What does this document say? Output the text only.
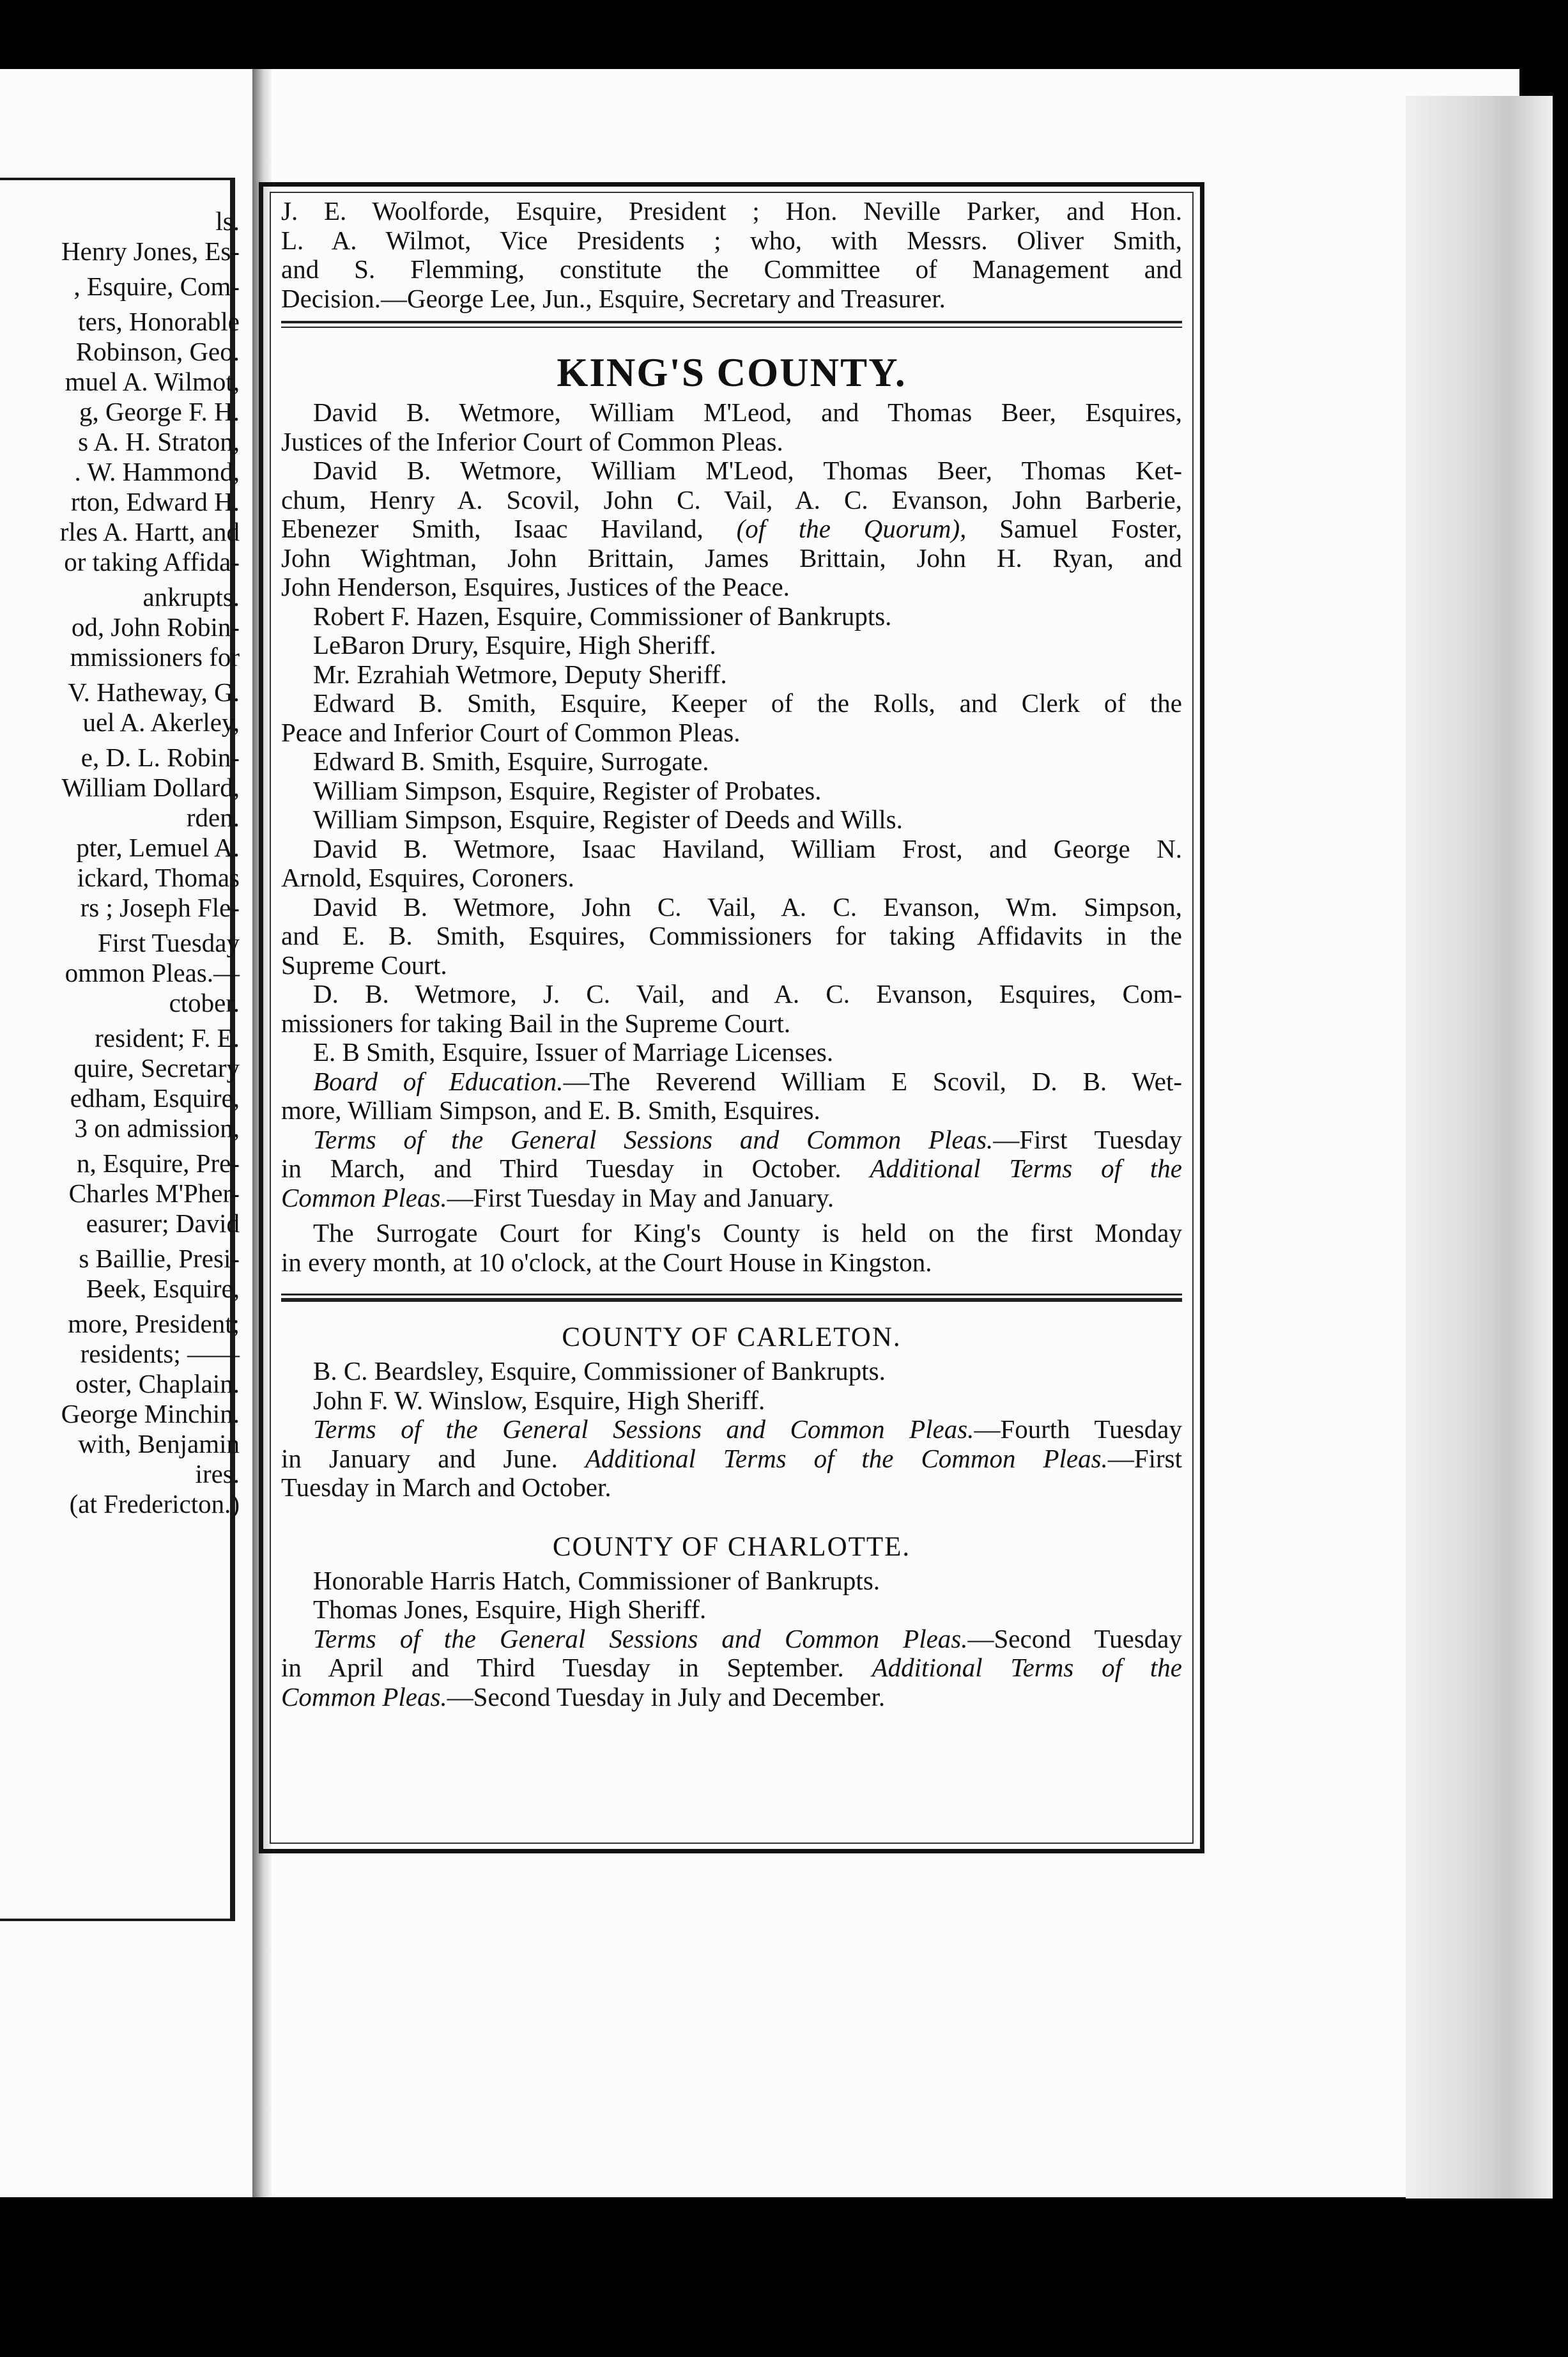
ls.
Henry Jones, Es-
, Esquire, Com-
ters, Honorable
Robinson, Geo.
muel A. Wilmot,
g, George F. H.
s A. H. Straton,
. W. Hammond,
rton, Edward H.
rles A. Hartt, and
or taking Affida-
ankrupts.
od, John Robin-
mmissioners for
V. Hatheway, G.
uel A. Akerley,
e, D. L. Robin-
William Dollard,
rden.
pter, Lemuel A.
ickard, Thomas
rs ; Joseph Fle-
First Tuesday
ommon Pleas.—
ctober.
resident; F. E.
quire, Secretary
edham, Esquire,
3 on admission,
n, Esquire, Pre-
Charles M'Pher-
easurer; David
s Baillie, Presi-
Beek, Esquire,
more, President;
residents; ——
oster, Chaplain.
George Minchin.
with, Benjamin
ires.
(at Fredericton.)
J. E. Woolforde, Esquire, President ; Hon. Neville Parker, and Hon.
L. A. Wilmot, Vice Presidents ; who, with Messrs. Oliver Smith,
and S. Flemming, constitute the Committee of Management and
Decision.—George Lee, Jun., Esquire, Secretary and Treasurer.
KING'S COUNTY.
David B. Wetmore, William M'Leod, and Thomas Beer, Esquires,
Justices of the Inferior Court of Common Pleas.
David B. Wetmore, William M'Leod, Thomas Beer, Thomas Ket-
chum, Henry A. Scovil, John C. Vail, A. C. Evanson, John Barberie,
Ebenezer Smith, Isaac Haviland, (of the Quorum), Samuel Foster,
John Wightman, John Brittain, James Brittain, John H. Ryan, and
John Henderson, Esquires, Justices of the Peace.
Robert F. Hazen, Esquire, Commissioner of Bankrupts.
LeBaron Drury, Esquire, High Sheriff.
Mr. Ezrahiah Wetmore, Deputy Sheriff.
Edward B. Smith, Esquire, Keeper of the Rolls, and Clerk of the
Peace and Inferior Court of Common Pleas.
Edward B. Smith, Esquire, Surrogate.
William Simpson, Esquire, Register of Probates.
William Simpson, Esquire, Register of Deeds and Wills.
David B. Wetmore, Isaac Haviland, William Frost, and George N.
Arnold, Esquires, Coroners.
David B. Wetmore, John C. Vail, A. C. Evanson, Wm. Simpson,
and E. B. Smith, Esquires, Commissioners for taking Affidavits in the
Supreme Court.
D. B. Wetmore, J. C. Vail, and A. C. Evanson, Esquires, Com-
missioners for taking Bail in the Supreme Court.
E. B Smith, Esquire, Issuer of Marriage Licenses.
Board of Education.—The Reverend William E Scovil, D. B. Wet-
more, William Simpson, and E. B. Smith, Esquires.
Terms of the General Sessions and Common Pleas.—First Tuesday
in March, and Third Tuesday in October. Additional Terms of the
Common Pleas.—First Tuesday in May and January.
The Surrogate Court for King's County is held on the first Monday
in every month, at 10 o'clock, at the Court House in Kingston.
COUNTY OF CARLETON.
B. C. Beardsley, Esquire, Commissioner of Bankrupts.
John F. W. Winslow, Esquire, High Sheriff.
Terms of the General Sessions and Common Pleas.—Fourth Tuesday
in January and June. Additional Terms of the Common Pleas.—First
Tuesday in March and October.
COUNTY OF CHARLOTTE.
Honorable Harris Hatch, Commissioner of Bankrupts.
Thomas Jones, Esquire, High Sheriff.
Terms of the General Sessions and Common Pleas.—Second Tuesday
in April and Third Tuesday in September. Additional Terms of the
Common Pleas.—Second Tuesday in July and December.
